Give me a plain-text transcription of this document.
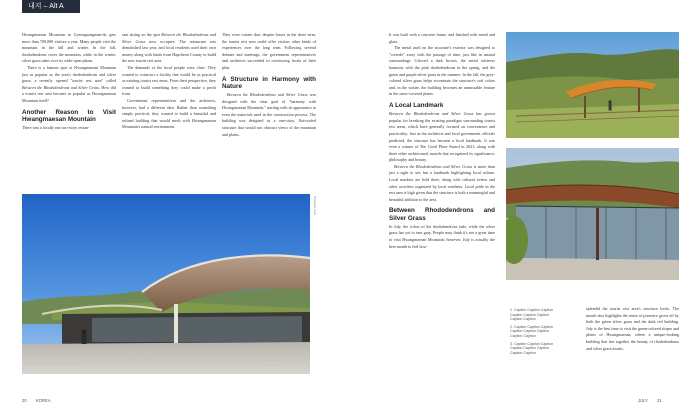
내지 – Alt A

Hwangmaesan Mountain in Gyeongsangnam-do gets more than 700,000 visitors a year. Many people visit the mountain in the fall and winter. In the fall, rhododendrons cover the mountain, while in the winter, silver grass takes over its wide-open plains.

There is a famous spot at Hwangmaesan Mountain just as popular as the area's rhododendrons and silver grass: a recently opened "tourist rest area" called Between the Rhododendrons and Silver Grass. How did a tourist rest area become as popular as Hwangmaesan Mountain itself?

Another Reason to Visit Hwangmaesan Mountain

There was a locally run two-story restau-

rant sitting on the spot Between the Rhododendrons and Silver Grass now occupies. The restaurant was demolished last year, and local residents used their own money along with funds from Hapcheon County to build the new tourist rest area.

The demands of the local people were clear: They wanted to construct a facility that would be as practical as existing tourist rest areas. From their perspective, they wanted to build something they could make a profit from.

Government representatives and the architects, however, had a different idea. Rather than something simply practical, they wanted to build a beautiful and refined building that would mesh with Hwangmaesan Mountain's natural environment.

They were certain that, despite losses in the short term, the tourist rest area could offer visitors other kinds of experiences over the long term. Following several debates and meetings, the government representatives and architects succeeded in convincing locals of their plan.

A Structure in Harmony with Nature

Between the Rhododendrons and Silver Grass was designed with the clear goal of "harmony with Hwangmaesan Mountain," starting with its appearance to even the materials used in the construction process. The building was designed as a one-story, flat-roofed structure that would not obstruct views of the mountain and plains.

Photograph credit
20 KOREA

It was built with a concrete frame, and finished with metal and glass.

The metal used on the structure's exterior was designed to "corrode" away with the passage of time, just like in natural surroundings. Colored a dark brown, the metal achieves harmony with the pink rhododendrons in the spring, and the green and purple silver grass in the summer. In the fall, the grey-colored silver grass helps accentuate the structure's soft colors and, in the winter, the building becomes an unmissable feature in the snow-covered plains.

A Local Landmark

Between the Rhododendrons and Silver Grass has grown popular for breaking the existing paradigm surrounding tourist rest areas, which have generally focused on convenience and practicality. Just as the architects and local government officials predicted, the structure has become a local landmark. It was even a winner of The Good Place Award in 2021, along with three other architectural awards that recognized its significance, philosophy and beauty.

Between the Rhododendrons and Silver Grass is more than just a sight to see, but a landmark highlighting local culture. Local markets are held there, along with cultural events and other activities organized by local residents. Local pride in the rest area is high given that the structure is both a meaningful and beautiful addition to the area.

Between Rhododendrons and Silver Grass

In July, the colors of the rhododendrons fade, while the silver grass has yet to turn gray. People may think it's not a great time to visit Hwangmaesan Mountain; however, July is actually the best month to feel how

1. Caption Caption Caption Caption Caption Caption Caption Caption
2. Caption Caption Caption Caption Caption Caption Caption Caption
3. Caption Caption Caption Caption Caption Caption Caption Caption

splendid the tourist rest area's structure looks. The month also highlights the sense of presence given off by both the green silver grass and the dark red building. July is the best time to visit the green-colored slopes and plains of Hwangmaesan, where a unique-looking building that ties together the beauty of rhododendrons and silver grass awaits.

JULY 21
